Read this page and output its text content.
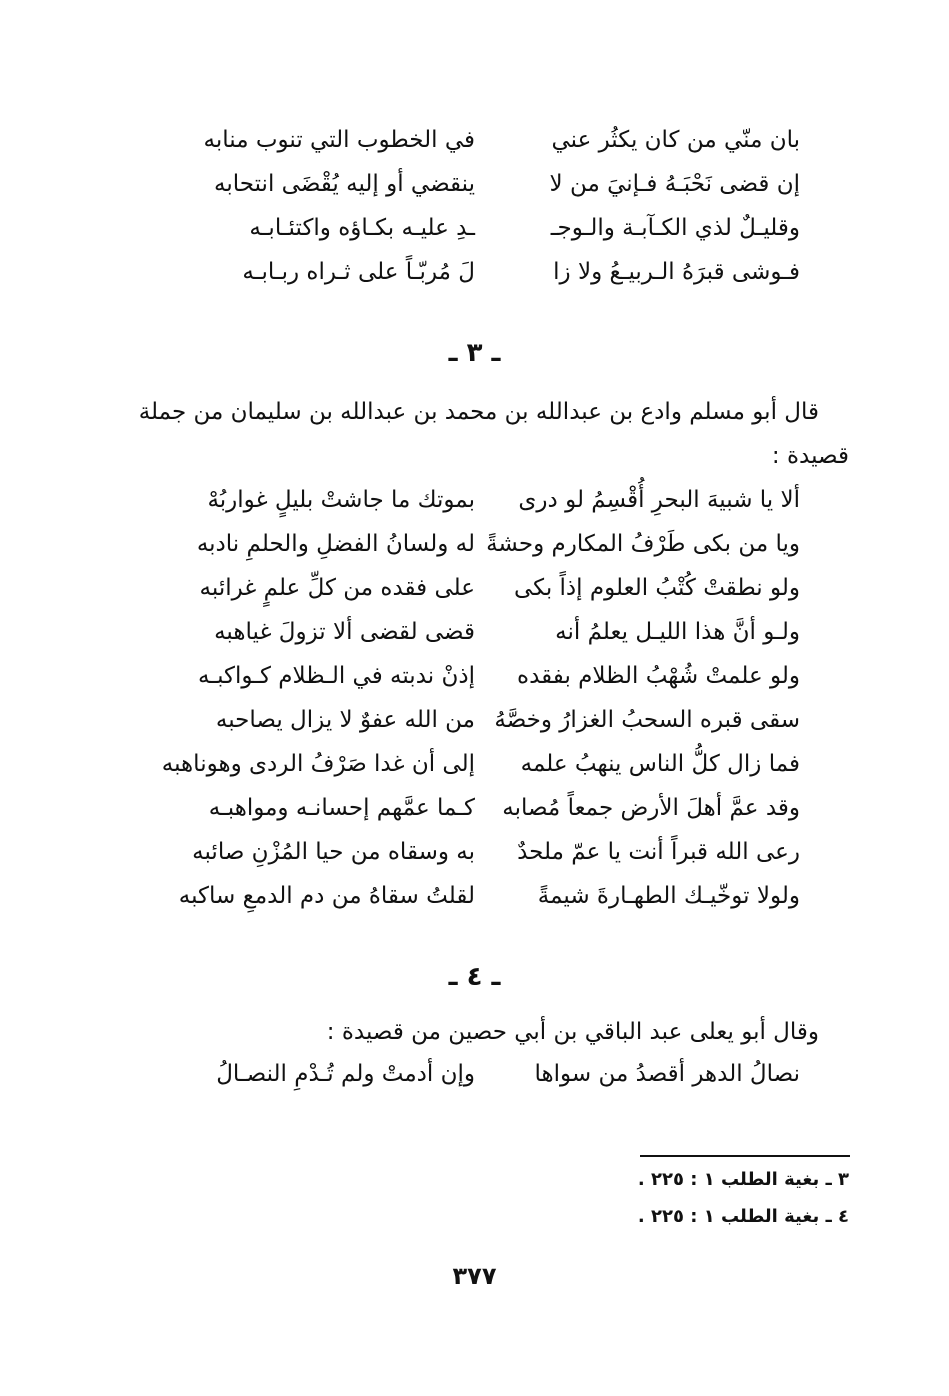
بان منّي من كان يكثُر عني
في الخطوب التي تنوب منابه
إن قضى نَحْبَـهُ فـإنيَ من لا
ينقضي أو إليه يُقْضَى انتحابه
وقليـلٌ لذي الكـآبـة والـوجـ
ـدِ عليـه بكـاؤه واكتئـابـه
فـوشى قبرَهُ الـربيـعُ ولا زا
لَ مُربّـاً على ثـراه ربـابـه
ـ ٣ ـ
قال أبو مسلم وادع بن عبدالله بن محمد بن عبدالله بن سليمان من جملة
قصيدة :
ألا يا شبيهَ البحرِ أُقْسِمُ لو درى
بموتك ما جاشتْ بليلٍ غواربُهْ
ويا من بكى طَرْفُ المكارم وحشةً
له ولسانُ الفضلِ والحلمِ نادبه
ولو نطقتْ كُتْبُ العلوم إذاً بكى
على فقده من كلِّ علمٍ غرائبه
ولـو أنَّ هذا الليـل يعلمُ أنه
قضى لقضى ألا تزولَ غياهبه
ولو علمتْ شُهْبُ الظلام بفقده
إذنْ ندبته في الـظلام كـواكبـه
سقى قبره السحبُ الغزارُ وخصَّهُ
من الله عفوٌ لا يزال يصاحبه
فما زال كلُّ الناس ينهبُ علمه
إلى أن غدا صَرْفُ الردى وهوناهبه
وقد عمَّ أهلَ الأرض جمعاً مُصابه
كـما عمَّهم إحسانـه ومواهبـه
رعى الله قبراً أنت يا عمّ ملحدٌ
به وسقاه من حيا المُزْنِ صائبه
ولولا توخّيـك الطهـارةَ شيمةً
لقلتُ سقاهُ من دم الدمعِ ساكبه
ـ ٤ ـ
وقال أبو يعلى عبد الباقي بن أبي حصين من قصيدة :
نصالُ الدهر أقصدُ من سواها
وإن أدمتْ ولم تُـدْمِ النصـالُ
٣ ـ بغية الطلب ١ : ٢٢٥ .
٤ ـ بغية الطلب ١ : ٢٢٥ .
٣٧٧
